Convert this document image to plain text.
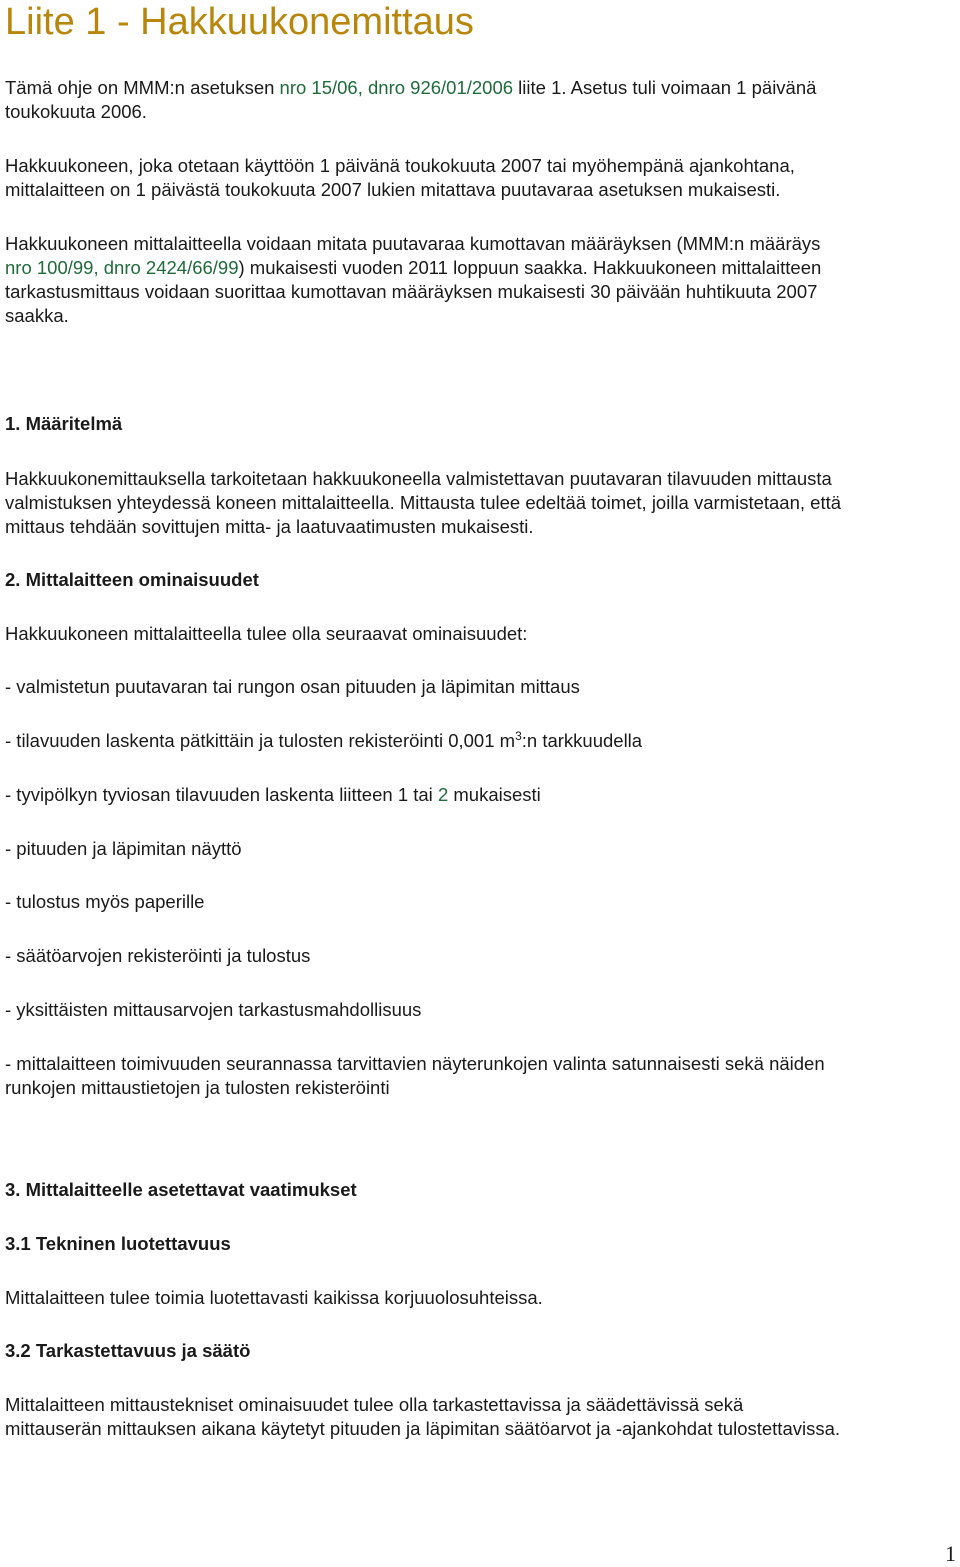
Liite 1 - Hakkuukonemittaus
Tämä ohje on MMM:n asetuksen nro 15/06, dnro 926/01/2006 liite 1. Asetus tuli voimaan 1 päivänä
toukokuuta 2006.
Hakkuukoneen, joka otetaan käyttöön 1 päivänä toukokuuta 2007 tai myöhempänä ajankohtana,
mittalaitteen on 1 päivästä toukokuuta 2007 lukien mitattava puutavaraa asetuksen mukaisesti.
Hakkuukoneen mittalaitteella voidaan mitata puutavaraa kumottavan määräyksen (MMM:n määräys
nro 100/99, dnro 2424/66/99) mukaisesti vuoden 2011 loppuun saakka. Hakkuukoneen mittalaitteen
tarkastusmittaus voidaan suorittaa kumottavan määräyksen mukaisesti 30 päivään huhtikuuta 2007
saakka.
1. Määritelmä
Hakkuukonemittauksella tarkoitetaan hakkuukoneella valmistettavan puutavaran tilavuuden mittausta
valmistuksen yhteydessä koneen mittalaitteella. Mittausta tulee edeltää toimet, joilla varmistetaan, että
mittaus tehdään sovittujen mitta- ja laatuvaatimusten mukaisesti.
2. Mittalaitteen ominaisuudet
Hakkuukoneen mittalaitteella tulee olla seuraavat ominaisuudet:
- valmistetun puutavaran tai rungon osan pituuden ja läpimitan mittaus
- tilavuuden laskenta pätkittäin ja tulosten rekisteröinti 0,001 $m^3:n$ tarkkuudella
- tyvipölkyn tyviosan tilavuuden laskenta liitteen 1 tai 2 mukaisesti
- pituuden ja läpimitan näyttö
- tulostus myös paperille
- säätöarvojen rekisteröinti ja tulostus
- yksittäisten mittausarvojen tarkastusmahdollisuus
- mittalaitteen toimivuuden seurannassa tarvittavien näyterunkojen valinta satunnaisesti sekä näiden
runkojen mittaustietojen ja tulosten rekisteröinti
3. Mittalaitteelle asetettavat vaatimukset
3.1 Tekninen luotettavuus
Mittalaitteen tulee toimia luotettavasti kaikissa korjuuolosuhteissa.
3.2 Tarkastettavuus ja säätö
Mittalaitteen mittaustekniset ominaisuudet tulee olla tarkastettavissa ja säädettävissä sekä
mittauserän mittauksen aikana käytetyt pituuden ja läpimitan säätöarvot ja -ajankohdat tulostettavissa.
1
